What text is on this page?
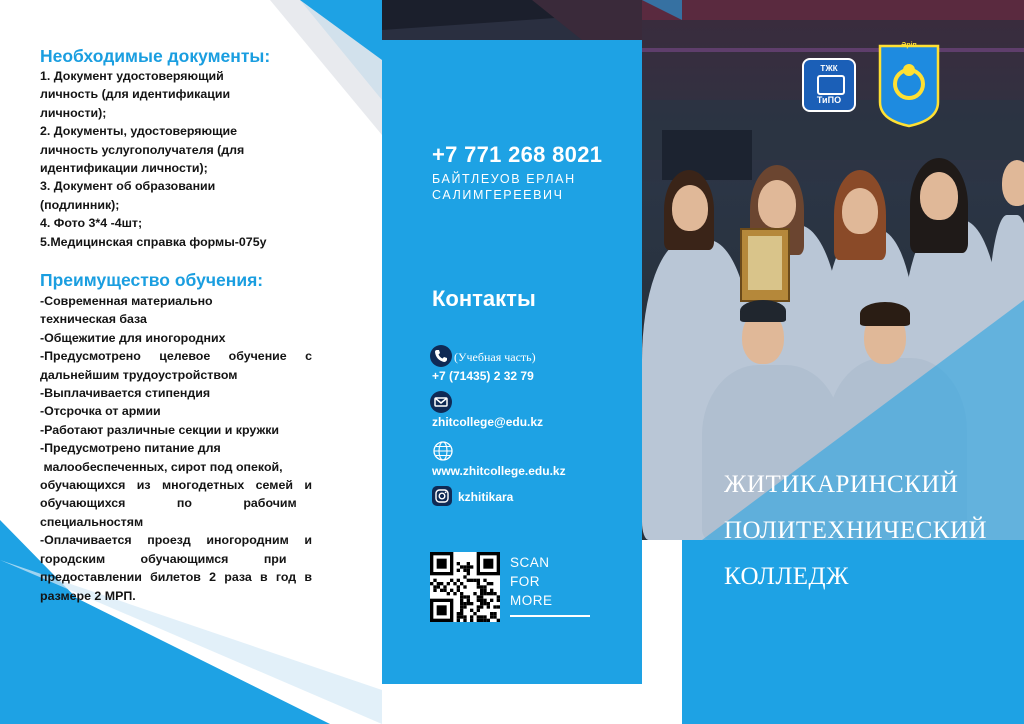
Необходимые документы:

1. Документ удостоверяющий

личность (для идентификации

личности);

2. Документы, удостоверяющие

личность услугополучателя (для

идентификации личности);

3. Документ об образовании

(подлинник);

4. Фото 3*4 -4шт;

5.Медицинская справка формы-075у

Преимущество обучения:

-Современная материально

техническая база

-Общежитие для иногородних

-Предусмотрено целевое обучение с

дальнейшим трудоустройством

-Выплачивается стипендия

-Отсрочка от армии

-Работают различные секции и кружки

-Предусмотрено питание для

малообеспеченных, сирот под опекой,

обучающихся из многодетных семей и

обучающихся по рабочим

специальностям

-Оплачивается проезд иногородним и

городским обучающимся при

предоставлении билетов 2 раза в год в

размере 2 МРП.

+7 771 268 8021
БАЙТЛЕУОВ ЕРЛАН
САЛИМГЕРЕЕВИЧ
Контакты
(Учебная часть)
+7 (71435) 2 32 79
zhitcollege@edu.kz
www.zhitcollege.edu.kz
kzhitikara
SCAN
FOR
MORE
ТЖК
ТиПО
Әріп
ЖИТИКАРИНСКИЙ
ПОЛИТЕХНИЧЕСКИЙ
КОЛЛЕДЖ
